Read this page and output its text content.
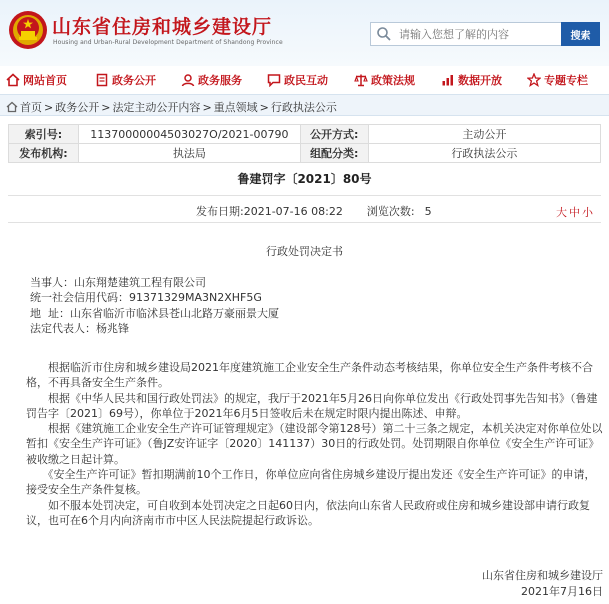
山东省住房和城乡建设厅
Housing and Urban-Rural Development Department of Shandong Province
请输入您想了解的内容
搜索
网站首页	政务公开	政务服务	政民互动	政策法规	数据开放	专题专栏
首页 > 政务公开 > 法定主动公开内容 > 重点领域 > 行政执法公示
索引号:	11370000004503027O/2021-00790	公开方式:	主动公开
发布机构:	执法局	组配分类:	行政执法公示
鲁建罚字〔2021〕80号
发布日期:2021-07-16 08:22 浏览次数: 5	大中小
行政处罚决定书
当事人：山东翔楚建筑工程有限公司
统一社会信用代码：91371329MA3N2XHF5G
地  址：山东省临沂市临沭县苍山北路万豪丽景大厦
法定代表人：杨兆锋

　　根据临沂市住房和城乡建设局2021年度建筑施工企业安全生产条件动态考核结果，你单位安全生产条件考核不合格，不再具备安全生产条件。

　　根据《中华人民共和国行政处罚法》的规定，我厅于2021年5月26日向你单位发出《行政处罚事先告知书》（鲁建罚告字〔2021〕69号），你单位于2021年6月5日签收后未在规定时限内提出陈述、申辩。

　　根据《建筑施工企业安全生产许可证管理规定》（建设部令第128号）第二十三条之规定，本机关决定对你单位处以暂扣《安全生产许可证》（鲁JZ安许证字〔2020〕141137）30日的行政处罚。处罚期限自你单位《安全生产许可证》被收缴之日起计算。

　　《安全生产许可证》暂扣期满前10个工作日，你单位应向省住房城乡建设厅提出发还《安全生产许可证》的申请，接受安全生产条件复核。

　　如不服本处罚决定，可自收到本处罚决定之日起60日内，依法向山东省人民政府或住房和城乡建设部申请行政复议，也可在6个月内向济南市市中区人民法院提起行政诉讼。

山东省住房和城乡建设厅
2021年7月16日
